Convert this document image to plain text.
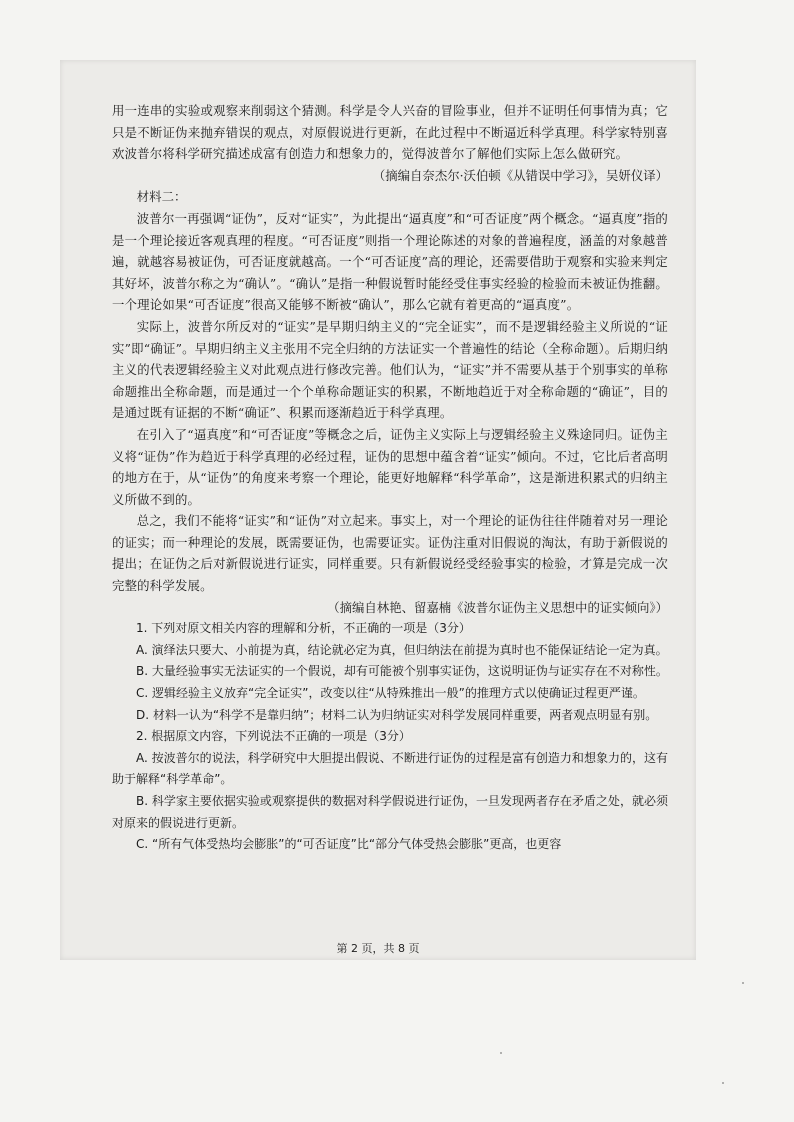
用一连串的实验或观察来削弱这个猜测。科学是令人兴奋的冒险事业，但并不证明任何事情为真；它只是不断证伪来抛弃错误的观点，对原假说进行更新，在此过程中不断逼近科学真理。科学家特别喜欢波普尔将科学研究描述成富有创造力和想象力的，觉得波普尔了解他们实际上怎么做研究。

（摘编自奈杰尔·沃伯顿《从错误中学习》，吴妍仪译）

材料二：

波普尔一再强调“证伪”，反对“证实”，为此提出“逼真度”和“可否证度”两个概念。“逼真度”指的是一个理论接近客观真理的程度。“可否证度”则指一个理论陈述的对象的普遍程度，涵盖的对象越普遍，就越容易被证伪，可否证度就越高。一个“可否证度”高的理论，还需要借助于观察和实验来判定其好坏，波普尔称之为“确认”。“确认”是指一种假说暂时能经受住事实经验的检验而未被证伪推翻。一个理论如果“可否证度”很高又能够不断被“确认”，那么它就有着更高的“逼真度”。

实际上，波普尔所反对的“证实”是早期归纳主义的“完全证实”，而不是逻辑经验主义所说的“证实”即“确证”。早期归纳主义主张用不完全归纳的方法证实一个普遍性的结论（全称命题）。后期归纳主义的代表逻辑经验主义对此观点进行修改完善。他们认为，“证实”并不需要从基于个别事实的单称命题推出全称命题，而是通过一个个单称命题证实的积累，不断地趋近于对全称命题的“确证”，目的是通过既有证据的不断“确证”、积累而逐渐趋近于科学真理。

在引入了“逼真度”和“可否证度”等概念之后，证伪主义实际上与逻辑经验主义殊途同归。证伪主义将“证伪”作为趋近于科学真理的必经过程，证伪的思想中蕴含着“证实”倾向。不过，它比后者高明的地方在于，从“证伪”的角度来考察一个理论，能更好地解释“科学革命”，这是渐进积累式的归纳主义所做不到的。

总之，我们不能将“证实”和“证伪”对立起来。事实上，对一个理论的证伪往往伴随着对另一理论的证实；而一种理论的发展，既需要证伪，也需要证实。证伪注重对旧假说的淘汰，有助于新假说的提出；在证伪之后对新假说进行证实，同样重要。只有新假说经受经验事实的检验，才算是完成一次完整的科学发展。

（摘编自林艳、留嘉楠《波普尔证伪主义思想中的证实倾向》）

1. 下列对原文相关内容的理解和分析，不正确的一项是（3分）

A. 演绎法只要大、小前提为真，结论就必定为真，但归纳法在前提为真时也不能保证结论一定为真。

B. 大量经验事实无法证实的一个假说，却有可能被个别事实证伪，这说明证伪与证实存在不对称性。

C. 逻辑经验主义放弃“完全证实”，改变以往“从特殊推出一般”的推理方式以使确证过程更严谨。

D. 材料一认为“科学不是靠归纳”；材料二认为归纳证实对科学发展同样重要，两者观点明显有别。

2. 根据原文内容，下列说法不正确的一项是（3分）

A. 按波普尔的说法，科学研究中大胆提出假说、不断进行证伪的过程是富有创造力和想象力的，这有助于解释“科学革命”。

B. 科学家主要依据实验或观察提供的数据对科学假说进行证伪，一旦发现两者存在矛盾之处，就必须对原来的假说进行更新。

C. “所有气体受热均会膨胀”的“可否证度”比“部分气体受热会膨胀”更高，也更容

第 2 页，共 8 页
